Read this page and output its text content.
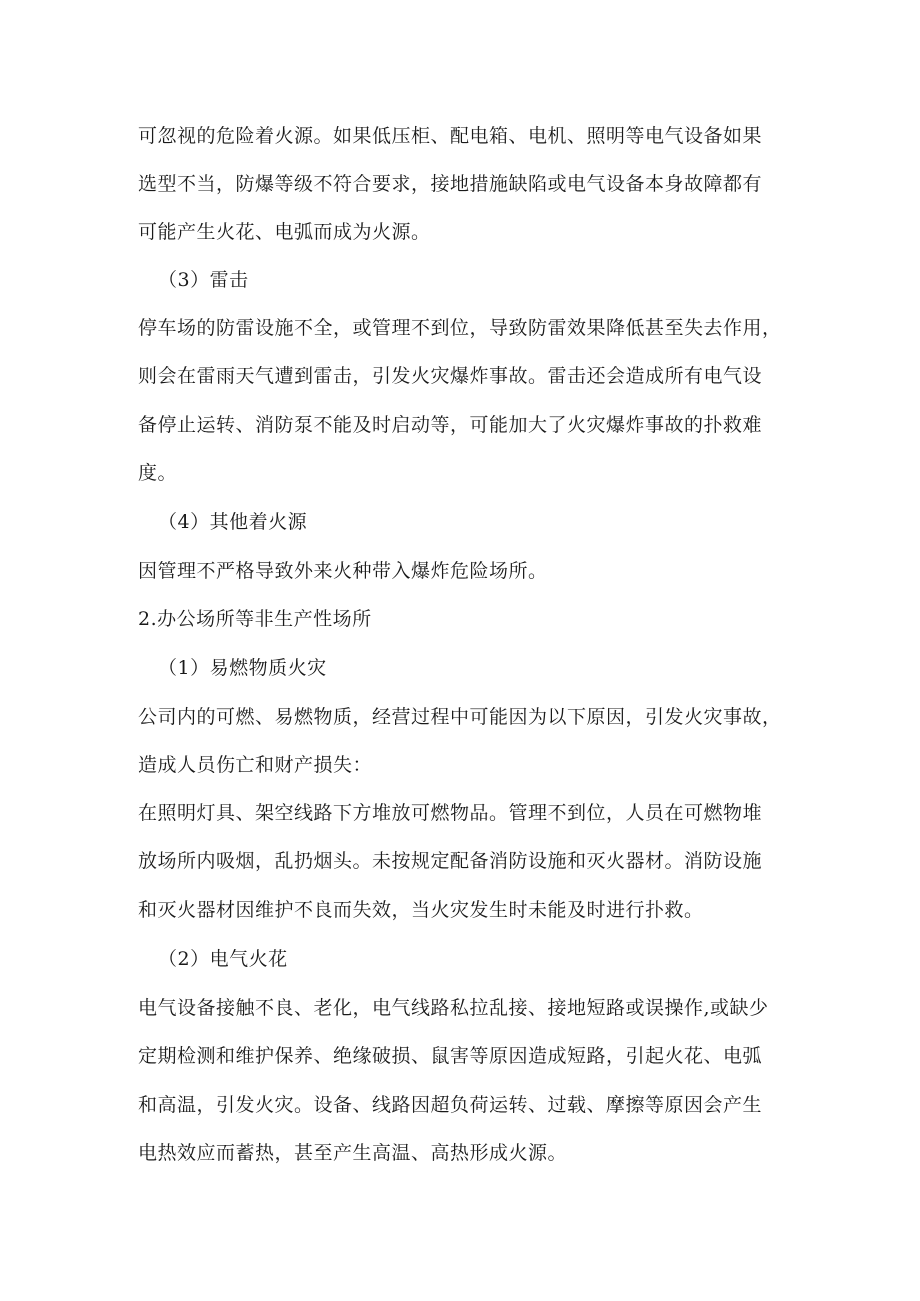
可忽视的危险着火源。如果低压柜、配电箱、电机、照明等电气设备如果
选型不当，防爆等级不符合要求，接地措施缺陷或电气设备本身故障都有
可能产生火花、电弧而成为火源。
（3）雷击
停车场的防雷设施不全，或管理不到位，导致防雷效果降低甚至失去作用，
则会在雷雨天气遭到雷击，引发火灾爆炸事故。雷击还会造成所有电气设
备停止运转、消防泵不能及时启动等，可能加大了火灾爆炸事故的扑救难
度。
（4）其他着火源
因管理不严格导致外来火种带入爆炸危险场所。
2.办公场所等非生产性场所
（1）易燃物质火灾
公司内的可燃、易燃物质，经营过程中可能因为以下原因，引发火灾事故，
造成人员伤亡和财产损失：
在照明灯具、架空线路下方堆放可燃物品。管理不到位，人员在可燃物堆
放场所内吸烟，乱扔烟头。未按规定配备消防设施和灭火器材。消防设施
和灭火器材因维护不良而失效，当火灾发生时未能及时进行扑救。
（2）电气火花
电气设备接触不良、老化，电气线路私拉乱接、接地短路或误操作,或缺少
定期检测和维护保养、绝缘破损、鼠害等原因造成短路，引起火花、电弧
和高温，引发火灾。设备、线路因超负荷运转、过载、摩擦等原因会产生
电热效应而蓄热，甚至产生高温、高热形成火源。
